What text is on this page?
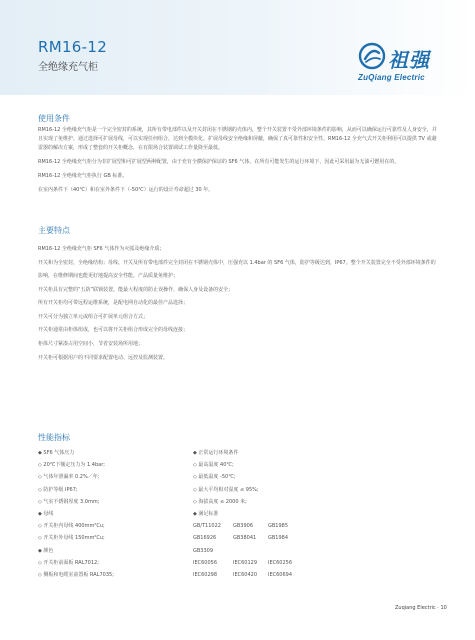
RM16-12
全绝缘充气柜	祖强
ZuQiang Electric
使用条件

RM16-12 全绝缘充气柜是一个完全密封的系统，其所有带电部件以及开关封闭在不锈钢的壳体内，整个开关装置不受外部环境条件的影响，从而可以确保运行可靠性及人身安全，并且实现了免维护。通过选择可扩展母线，可以实现任何组合，达到全模块化。扩展母线安全绝缘和屏蔽，确保了真可靠性和安全性。RM16-12 全充气式开关柜利用可以提供 TV 或避雷器的解决方案，形成了整套的开关柜概念，在有限场合装置调试工作量降至最低。

RM16-12 全绝缘充气柜分为非扩展型和可扩展型两种配置，由于充有全横保护保证的 SF6 气体，在所有可能发生的运行环境下，因此可采用最为无油可燃用在的。

RM16-12 全绝缘充气柜执行 GB 标准。

在室内条件下（40℃）和在室外条件下（-50℃）运行的设计寿命超过 30 年。

主要特点
RM16-12 全绝缘充气柜 SF6 气体作为灭弧及绝缘介质；
开关和为全密封，全绝缘结构；母线、开关及所有带电部件完全封闭在不锈钢壳体中，压强充以 1.4bar 的 SF6 气体，防护等级达到，IP67。整个开关装置完全不受外部环境条件的影响，在维修期间也能更好地提高安全性能。产品质量免维护；
开关柜具有完整的“五防”联锁装置，能最大程度的防止误操作，确保人身及设备的安全；
所有开关柜均可带远程运维系统，是配电网自动化的最佳产品选择；
开关可分为独立单元或组合可扩展单元组合方式；
开关柜通常由柜体组成，也可以将开关柜组合形成完全的母线连接；
柜体尺寸紧凑占用空间小，节省安装场所用地；
开关柜可根据用户的不同要求配置电动、远控及监测装置。
性能指标
◆ SF6 气体压力	◆ 正常运行环境条件
◇ 20℃下额定压力为 1.4bar;	◇ 最高温度 40℃;
◇ 气体年泄漏率 0.2%／年;	◇ 最低温度 -50℃;
◇ 防护等级 IP67;	◇ 最大平均相对湿度 ≤ 95%;
◇ 气室不锈钢厚度 3.0mm;	◇ 海拔高度 ≤ 2000 米;
◆ 母线	◆ 满足标准
◇ 开关柜内母线 400mm²Cu;	GB/T11022 GB3906	GB1985
◇ 开关柜外母线 150mm²Cu;	GB16926	GB38041 GB1984
◆ 颜色	GB3309
◇ 开关柜前面板 RAL7012;	IEC60056	IEC60129 IEC60256
◇ 侧板和电缆室前置板 RAL7035;	IEC60298	IEC60420 IEC60694
Zuqiang Electric · 10
